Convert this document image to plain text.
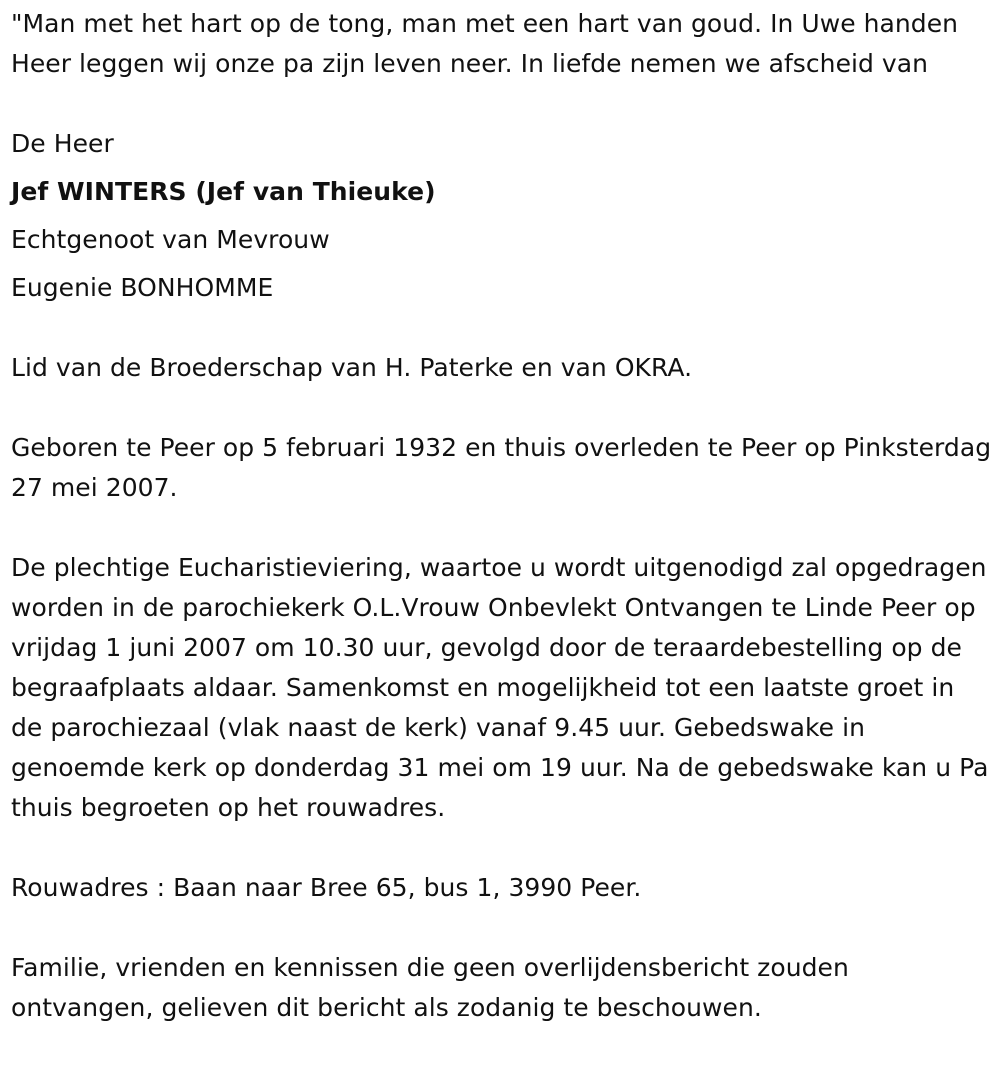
"Man met het hart op de tong, man met een hart van goud. In Uwe handen Heer leggen wij onze pa zijn leven neer. In liefde nemen we afscheid van

De Heer

Jef WINTERS (Jef van Thieuke)

Echtgenoot van Mevrouw

Eugenie BONHOMME

Lid van de Broederschap van H. Paterke en van OKRA.

Geboren te Peer op 5 februari 1932 en thuis overleden te Peer op Pinksterdag 27 mei 2007.

De plechtige Eucharistieviering, waartoe u wordt uitgenodigd zal opgedragen worden in de parochiekerk O.L.Vrouw Onbevlekt Ontvangen te Linde Peer op vrijdag 1 juni 2007 om 10.30 uur, gevolgd door de teraardebestelling op de begraafplaats aldaar. Samenkomst en mogelijkheid tot een laatste groet in de parochiezaal (vlak naast de kerk) vanaf 9.45 uur. Gebedswake in genoemde kerk op donderdag 31 mei om 19 uur. Na de gebedswake kan u Pa thuis begroeten op het rouwadres.

Rouwadres : Baan naar Bree 65, bus 1, 3990 Peer.

Familie, vrienden en kennissen die geen overlijdensbericht zouden ontvangen, gelieven dit bericht als zodanig te beschouwen.
